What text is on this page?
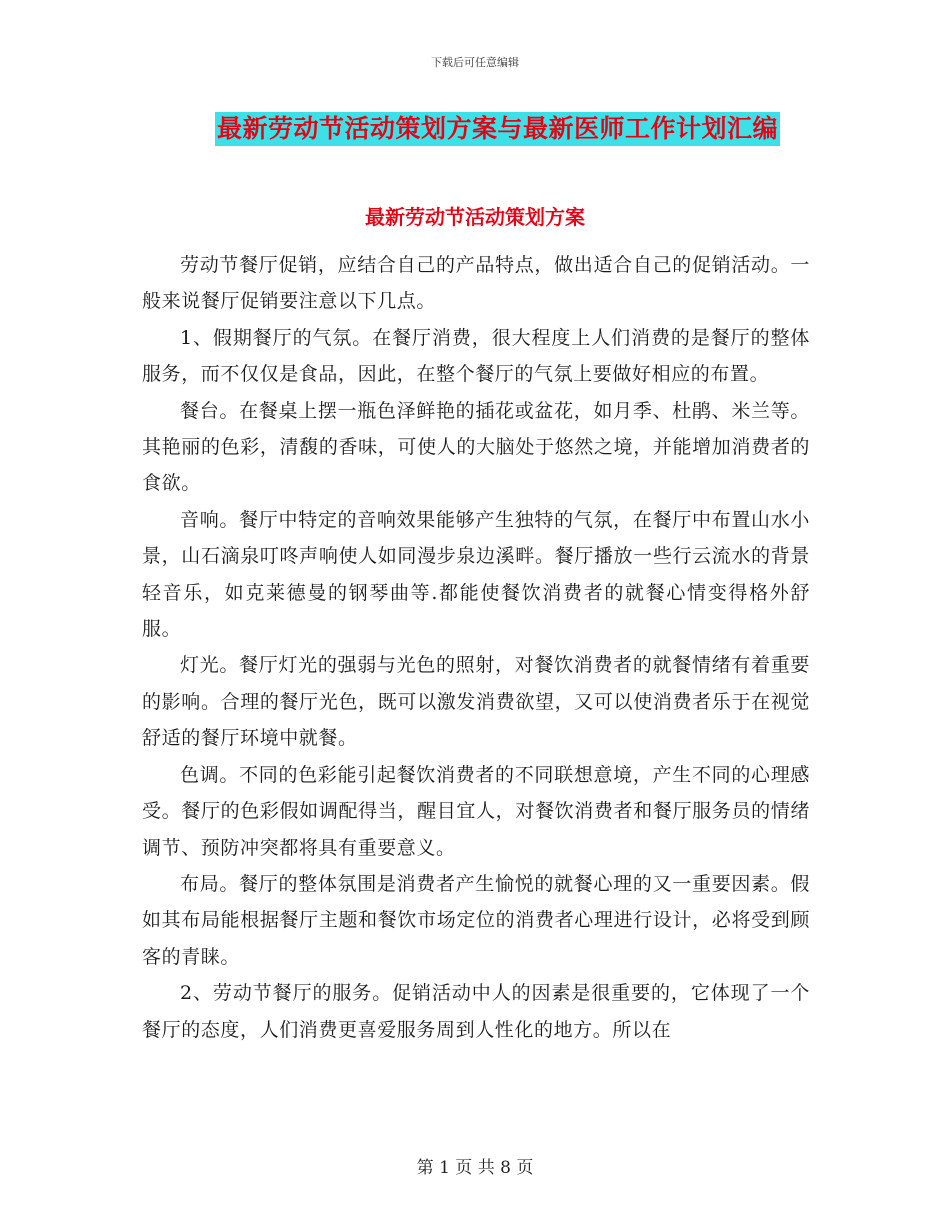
下载后可任意编辑
最新劳动节活动策划方案与最新医师工作计划汇编
最新劳动节活动策划方案

劳动节餐厅促销，应结合自己的产品特点，做出适合自己的促销活动。一般来说餐厅促销要注意以下几点。

1、假期餐厅的气氛。在餐厅消费，很大程度上人们消费的是餐厅的整体服务，而不仅仅是食品，因此，在整个餐厅的气氛上要做好相应的布置。

餐台。在餐桌上摆一瓶色泽鲜艳的插花或盆花，如月季、杜鹃、米兰等。其艳丽的色彩，清馥的香味，可使人的大脑处于悠然之境，并能增加消费者的食欲。

音响。餐厅中特定的音响效果能够产生独特的气氛，在餐厅中布置山水小景，山石滴泉叮咚声响使人如同漫步泉边溪畔。餐厅播放一些行云流水的背景轻音乐，如克莱德曼的钢琴曲等.都能使餐饮消费者的就餐心情变得格外舒服。

灯光。餐厅灯光的强弱与光色的照射，对餐饮消费者的就餐情绪有着重要的影响。合理的餐厅光色，既可以激发消费欲望，又可以使消费者乐于在视觉舒适的餐厅环境中就餐。

色调。不同的色彩能引起餐饮消费者的不同联想意境，产生不同的心理感受。餐厅的色彩假如调配得当，醒目宜人，对餐饮消费者和餐厅服务员的情绪调节、预防冲突都将具有重要意义。

布局。餐厅的整体氛围是消费者产生愉悦的就餐心理的又一重要因素。假如其布局能根据餐厅主题和餐饮市场定位的消费者心理进行设计，必将受到顾客的青睐。

2、劳动节餐厅的服务。促销活动中人的因素是很重要的，它体现了一个餐厅的态度，人们消费更喜爱服务周到人性化的地方。所以在

第 1 页 共 8 页
